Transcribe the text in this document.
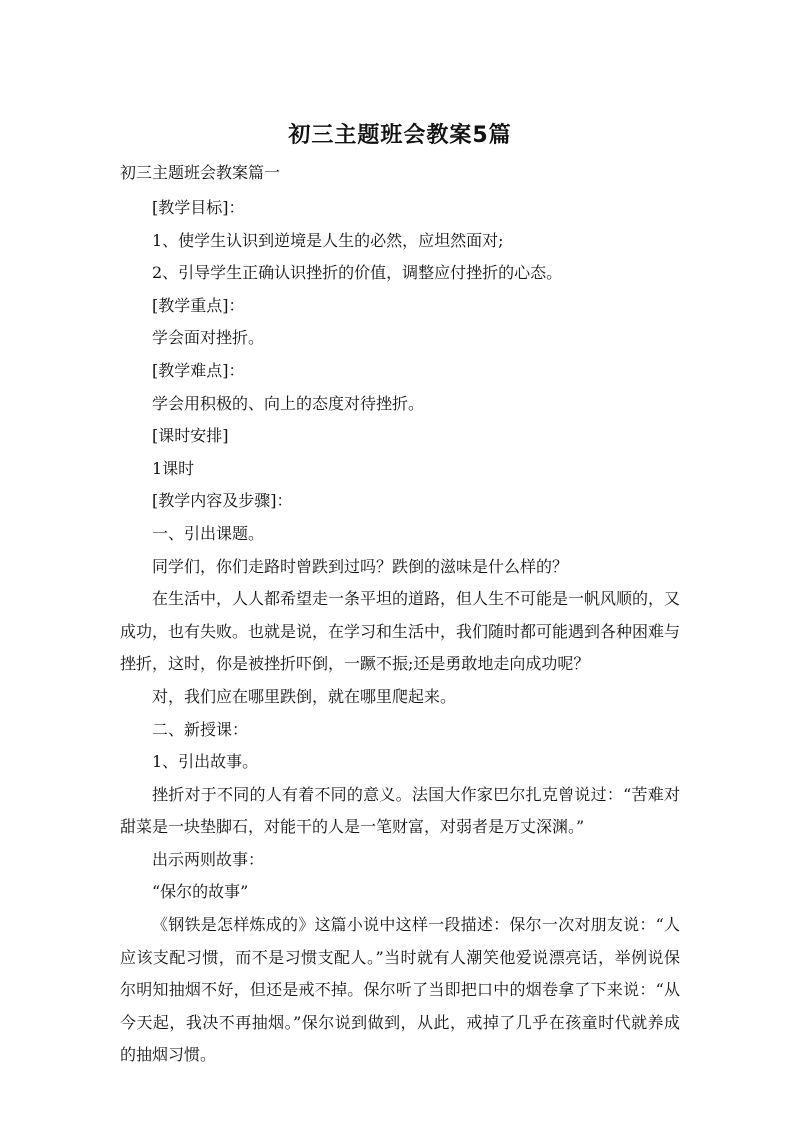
初三主题班会教案5篇
初三主题班会教案篇一

[教学目标]：

1、使学生认识到逆境是人生的必然，应坦然面对;

2、引导学生正确认识挫折的价值，调整应付挫折的心态。

[教学重点]：

学会面对挫折。

[教学难点]：

学会用积极的、向上的态度对待挫折。

[课时安排]

1课时

[教学内容及步骤]：

一、引出课题。

同学们，你们走路时曾跌到过吗？跌倒的滋味是什么样的？

在生活中，人人都希望走一条平坦的道路，但人生不可能是一帆风顺的，又成功，也有失败。也就是说，在学习和生活中，我们随时都可能遇到各种困难与挫折，这时，你是被挫折吓倒，一蹶不振;还是勇敢地走向成功呢？

对，我们应在哪里跌倒，就在哪里爬起来。

二、新授课：

1、引出故事。

挫折对于不同的人有着不同的意义。法国大作家巴尔扎克曾说过：“苦难对甜菜是一块垫脚石，对能干的人是一笔财富，对弱者是万丈深渊。”

出示两则故事：

“保尔的故事”

《钢铁是怎样炼成的》这篇小说中这样一段描述：保尔一次对朋友说：“人应该支配习惯，而不是习惯支配人。”当时就有人潮笑他爱说漂亮话，举例说保尔明知抽烟不好，但还是戒不掉。保尔听了当即把口中的烟卷拿了下来说：“从今天起，我决不再抽烟。”保尔说到做到，从此，戒掉了几乎在孩童时代就养成的抽烟习惯。
